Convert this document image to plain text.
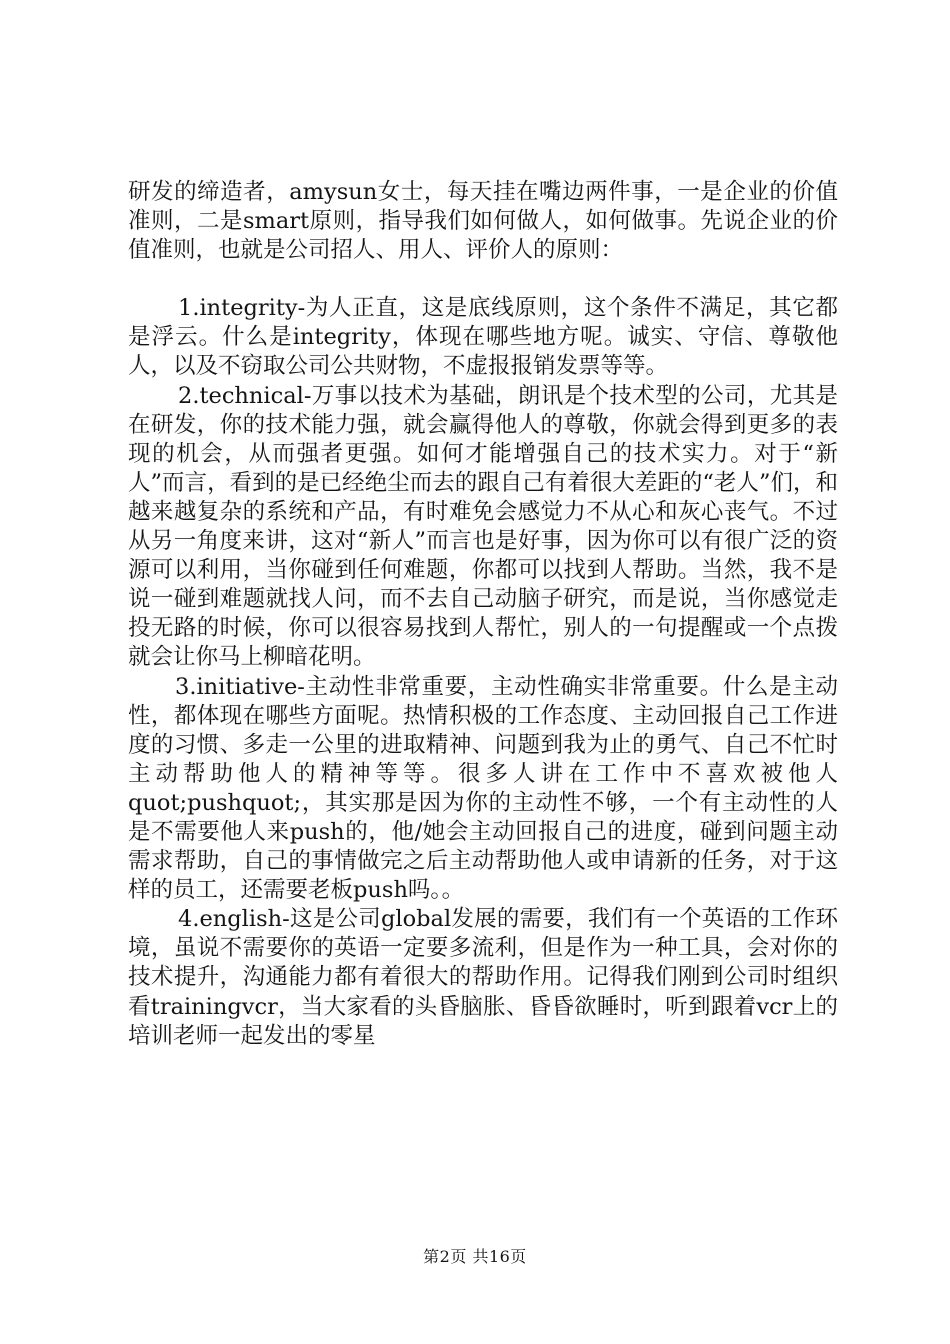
研发的缔造者，amysun女士，每天挂在嘴边两件事，一是企业的价值准则，二是smart原则，指导我们如何做人，如何做事。先说企业的价值准则，也就是公司招人、用人、评价人的原则：

1.integrity-为人正直，这是底线原则，这个条件不满足，其它都是浮云。什么是integrity，体现在哪些地方呢。诚实、守信、尊敬他人，以及不窃取公司公共财物，不虚报报销发票等等。

2.technical-万事以技术为基础，朗讯是个技术型的公司，尤其是在研发，你的技术能力强，就会赢得他人的尊敬，你就会得到更多的表现的机会，从而强者更强。如何才能增强自己的技术实力。对于“新人”而言，看到的是已经绝尘而去的跟自己有着很大差距的“老人”们，和越来越复杂的系统和产品，有时难免会感觉力不从心和灰心丧气。不过从另一角度来讲，这对“新人”而言也是好事，因为你可以有很广泛的资源可以利用，当你碰到任何难题，你都可以找到人帮助。当然，我不是说一碰到难题就找人问，而不去自己动脑子研究，而是说，当你感觉走投无路的时候，你可以很容易找到人帮忙，别人的一句提醒或一个点拨就会让你马上柳暗花明。

3.initiative-主动性非常重要，主动性确实非常重要。什么是主动性，都体现在哪些方面呢。热情积极的工作态度、主动回报自己工作进度的习惯、多走一公里的进取精神、问题到我为止的勇气、自己不忙时主动帮助他人的精神等等。很多人讲在工作中不喜欢被他人quot;pushquot;，其实那是因为你的主动性不够，一个有主动性的人是不需要他人来push的，他/她会主动回报自己的进度，碰到问题主动需求帮助，自己的事情做完之后主动帮助他人或申请新的任务，对于这样的员工，还需要老板push吗。。

4.english-这是公司global发展的需要，我们有一个英语的工作环境，虽说不需要你的英语一定要多流利，但是作为一种工具，会对你的技术提升，沟通能力都有着很大的帮助作用。记得我们刚到公司时组织看trainingvcr，当大家看的头昏脑胀、昏昏欲睡时，听到跟着vcr上的培训老师一起发出的零星

第2页 共16页
